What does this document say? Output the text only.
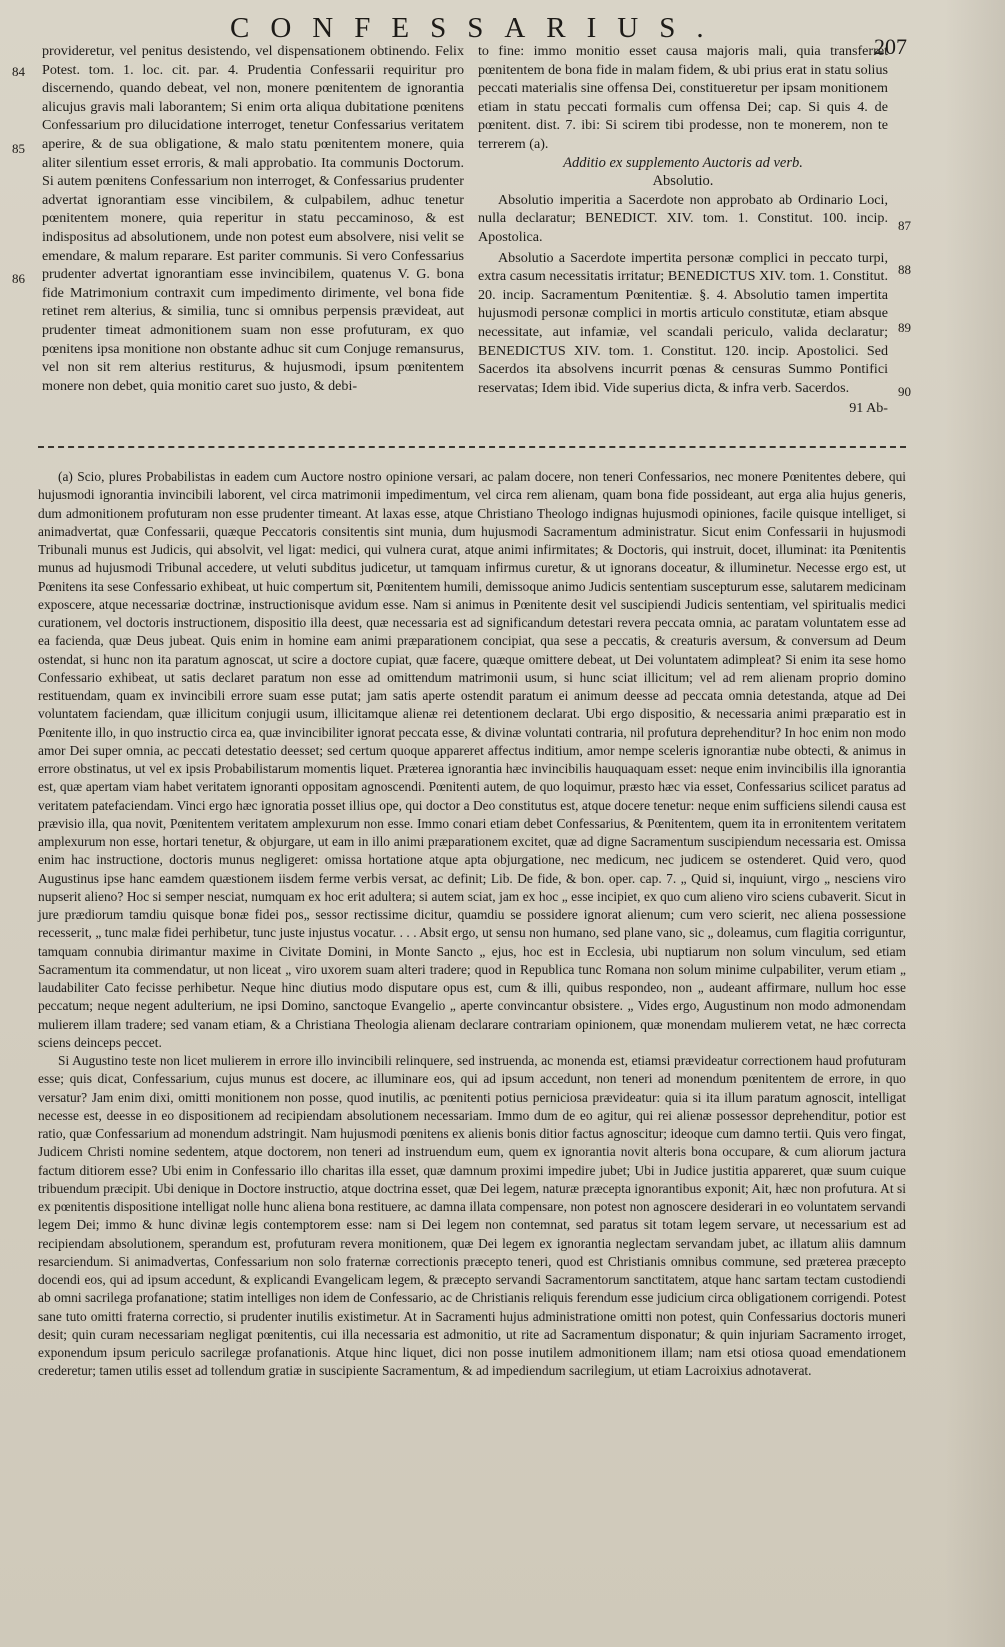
CONFESSARIUS.
207

provideretur, vel penitus desistendo, vel dispensationem obtinendo. Felix Potest. tom. 1. loc. cit. par. 4. Prudentia Confessarii requiritur pro discernendo, quando debeat, vel non, monere pœnitentem de ignorantia alicujus gravis mali laborantem; Si enim orta aliqua dubitatione pœnitens Confessarium pro dilucidatione interroget, tenetur Confessarius veritatem aperire, & de sua obligatione, & malo statu pœnitentem monere, quia aliter silentium esset erroris, & mali approbatio. Ita communis Doctorum. Si autem pœnitens Confessarium non interroget, & Confessarius prudenter advertat ignorantiam esse vincibilem, & culpabilem, adhuc tenetur pœnitentem monere, quia reperitur in statu peccaminoso, & est indispositus ad absolutionem, unde non potest eum absolvere, nisi velit se emendare, & malum reparare. Est pariter communis. Si vero Confessarius prudenter advertat ignorantiam esse invincibilem, quatenus V. G. bona fide Matrimonium contraxit cum impedimento dirimente, vel bona fide retinet rem alterius, & similia, tunc si omnibus perpensis prævideat, aut prudenter timeat admonitionem suam non esse profuturam, ex quo pœnitens ipsa monitione non obstante adhuc sit cum Conjuge remansurus, vel non sit rem alterius restiturus, & hujusmodi, ipsum pœnitentem monere non debet, quia monitio caret suo justo, & debi-

84
85
86

to fine: immo monitio esset causa majoris mali, quia transferret pœnitentem de bona fide in malam fidem, & ubi prius erat in statu solius peccati materialis sine offensa Dei, constitueretur per ipsam monitionem etiam in statu peccati formalis cum offensa Dei; cap. Si quis 4. de pœnitent. dist. 7. ibi: Si scirem tibi prodesse, non te monerem, non te terrerem (a).

Additio ex supplemento Auctoris ad verb.

Absolutio.

Absolutio imperitia a Sacerdote non approbato ab Ordinario Loci, nulla declaratur; BENEDICT. XIV. tom. 1. Constitut. 100. incip. Apostolica.

Absolutio a Sacerdote impertita personæ complici in peccato turpi, extra casum necessitatis irritatur; BENEDICTUS XIV. tom. 1. Constitut. 20. incip. Sacramentum Pœnitentiæ. §. 4. Absolutio tamen impertita hujusmodi personæ complici in mortis articulo constitutæ, etiam absque necessitate, aut infamiæ, vel scandali periculo, valida declaratur; BENEDICTUS XIV. tom. 1. Constitut. 120. incip. Apostolici. Sed Sacerdos ita absolvens incurrit pœnas & censuras Summo Pontifici reservatas; Idem ibid. Vide superius dicta, & infra verb. Sacerdos.

91 Ab-

87
88
89
90

(a) Scio, plures Probabilistas in eadem cum Auctore nostro opinione versari, ac palam docere, non teneri Confessarios, nec monere Pœnitentes debere, qui hujusmodi ignorantia invincibili laborent, vel circa matrimonii impedimentum, vel circa rem alienam, quam bona fide possideant, aut erga alia hujus generis, dum admonitionem profuturam non esse prudenter timeant. At laxas esse, atque Christiano Theologo indignas hujusmodi opiniones, facile quisque intelliget, si animadvertat, quæ Confessarii, quæque Peccatoris consitentis sint munia, dum hujusmodi Sacramentum administratur. Sicut enim Confessarii in hujusmodi Tribunali munus est Judicis, qui absolvit, vel ligat: medici, qui vulnera curat, atque animi infirmitates; & Doctoris, qui instruit, docet, illuminat: ita Pœnitentis munus ad hujusmodi Tribunal accedere, ut veluti subditus judicetur, ut tamquam infirmus curetur, & ut ignorans doceatur, & illuminetur. Necesse ergo est, ut Pœnitens ita sese Confessario exhibeat, ut huic compertum sit, Pœnitentem humili, demissoque animo Judicis sententiam suscepturum esse, salutarem medicinam exposcere, atque necessariæ doctrinæ, instructionisque avidum esse. Nam si animus in Pœnitente desit vel suscipiendi Judicis sententiam, vel spiritualis medici curationem, vel doctoris instructionem, dispositio illa deest, quæ necessaria est ad significandum detestari revera peccata omnia, ac paratam voluntatem esse ad ea facienda, quæ Deus jubeat. Quis enim in homine eam animi præparationem concipiat, qua sese a peccatis, & creaturis aversum, & conversum ad Deum ostendat, si hunc non ita paratum agnoscat, ut scire a doctore cupiat, quæ facere, quæque omittere debeat, ut Dei voluntatem adimpleat? Si enim ita sese homo Confessario exhibeat, ut satis declaret paratum non esse ad omittendum matrimonii usum, si hunc sciat illicitum; vel ad rem alienam proprio domino restituendam, quam ex invincibili errore suam esse putat; jam satis aperte ostendit paratum ei animum deesse ad peccata omnia detestanda, atque ad Dei voluntatem faciendam, quæ illicitum conjugii usum, illicitamque alienæ rei detentionem declarat. Ubi ergo dispositio, & necessaria animi præparatio est in Pœnitente illo, in quo instructio circa ea, quæ invincibiliter ignorat peccata esse, & divinæ voluntati contraria, nil profutura deprehenditur? In hoc enim non modo amor Dei super omnia, ac peccati detestatio deesset; sed certum quoque appareret affectus inditium, amor nempe sceleris ignorantiæ nube obtecti, & animus in errore obstinatus, ut vel ex ipsis Probabilistarum momentis liquet. Præterea ignorantia hæc invincibilis hauquaquam esset: neque enim invincibilis illa ignorantia est, quæ apertam viam habet veritatem ignoranti oppositam agnoscendi. Pœnitenti autem, de quo loquimur, præsto hæc via esset, Confessarius scilicet paratus ad veritatem patefaciendam. Vinci ergo hæc ignoratia posset illius ope, qui doctor a Deo constitutus est, atque docere tenetur: neque enim sufficiens silendi causa est prævisio illa, qua novit, Pœnitentem veritatem amplexurum non esse. Immo conari etiam debet Confessarius, & Pœnitentem, quem ita in erronitentem veritatem amplexurum non esse, hortari tenetur, & objurgare, ut eam in illo animi præparationem excitet, quæ ad digne Sacramentum suscipiendum necessaria est. Omissa enim hac instructione, doctoris munus negligeret: omissa hortatione atque apta objurgatione, nec medicum, nec judicem se ostenderet. Quid vero, quod Augustinus ipse hanc eamdem quæstionem iisdem ferme verbis versat, ac definit; Lib. De fide, & bon. oper. cap. 7. „ Quid si, inquiunt, virgo „ nesciens viro nupserit alieno? Hoc si semper nesciat, numquam ex hoc erit adultera; si autem sciat, jam ex hoc „ esse incipiet, ex quo cum alieno viro sciens cubaverit. Sicut in jure prædiorum tamdiu quisque bonæ fidei pos„ sessor rectissime dicitur, quamdiu se possidere ignorat alienum; cum vero scierit, nec aliena possessione recesserit, „ tunc malæ fidei perhibetur, tunc juste injustus vocatur. . . . Absit ergo, ut sensu non humano, sed plane vano, sic „ doleamus, cum flagitia corriguntur, tamquam connubia dirimantur maxime in Civitate Domini, in Monte Sancto „ ejus, hoc est in Ecclesia, ubi nuptiarum non solum vinculum, sed etiam Sacramentum ita commendatur, ut non liceat „ viro uxorem suam alteri tradere; quod in Republica tunc Romana non solum minime culpabiliter, verum etiam „ laudabiliter Cato fecisse perhibetur. Neque hinc diutius modo disputare opus est, cum & illi, quibus respondeo, non „ audeant affirmare, nullum hoc esse peccatum; neque negent adulterium, ne ipsi Domino, sanctoque Evangelio „ aperte convincantur obsistere. „ Vides ergo, Augustinum non modo admonendam mulierem illam tradere; sed vanam etiam, & a Christiana Theologia alienam declarare contrariam opinionem, quæ monendam mulierem vetat, ne hæc correcta sciens deinceps peccet.

Si Augustino teste non licet mulierem in errore illo invincibili relinquere, sed instruenda, ac monenda est, etiamsi prævideatur correctionem haud profuturam esse; quis dicat, Confessarium, cujus munus est docere, ac illuminare eos, qui ad ipsum accedunt, non teneri ad monendum pœnitentem de errore, in quo versatur? Jam enim dixi, omitti monitionem non posse, quod inutilis, ac pœnitenti potius perniciosa prævideatur: quia si ita illum paratum agnoscit, intelligat necesse est, deesse in eo dispositionem ad recipiendam absolutionem necessariam. Immo dum de eo agitur, qui rei alienæ possessor deprehenditur, potior est ratio, quæ Confessarium ad monendum adstringit. Nam hujusmodi pœnitens ex alienis bonis ditior factus agnoscitur; ideoque cum damno tertii. Quis vero fingat, Judicem Christi nomine sedentem, atque doctorem, non teneri ad instruendum eum, quem ex ignorantia novit alteris bona occupare, & cum aliorum jactura factum ditiorem esse? Ubi enim in Confessario illo charitas illa esset, quæ damnum proximi impedire jubet; Ubi in Judice justitia appareret, quæ suum cuique tribuendum præcipit. Ubi denique in Doctore instructio, atque doctrina esset, quæ Dei legem, naturæ præcepta ignorantibus exponit; Ait, hæc non profutura. At si ex pœnitentis dispositione intelligat nolle hunc aliena bona restituere, ac damna illata compensare, non potest non agnoscere desiderari in eo voluntatem servandi legem Dei; immo & hunc divinæ legis contemptorem esse: nam si Dei legem non contemnat, sed paratus sit totam legem servare, ut necessarium est ad recipiendam absolutionem, sperandum est, profuturam revera monitionem, quæ Dei legem ex ignorantia neglectam servandam jubet, ac illatum aliis damnum resarciendum. Si animadvertas, Confessarium non solo fraternæ correctionis præcepto teneri, quod est Christianis omnibus commune, sed præterea præcepto docendi eos, qui ad ipsum accedunt, & explicandi Evangelicam legem, & præcepto servandi Sacramentorum sanctitatem, atque hanc sartam tectam custodiendi ab omni sacrilega profanatione; statim intelliges non idem de Confessario, ac de Christianis reliquis ferendum esse judicium circa obligationem corrigendi. Potest sane tuto omitti fraterna correctio, si prudenter inutilis existimetur. At in Sacramenti hujus administratione omitti non potest, quin Confessarius doctoris muneri desit; quin curam necessariam negligat pœnitentis, cui illa necessaria est admonitio, ut rite ad Sacramentum disponatur; & quin injuriam Sacramento irroget, exponendum ipsum periculo sacrilegæ profanationis. Atque hinc liquet, dici non posse inutilem admonitionem illam; nam etsi otiosa quoad emendationem crederetur; tamen utilis esset ad tollendum gratiæ in suscipiente Sacramentum, & ad impediendum sacrilegium, ut etiam Lacroixius adnotaverat.
